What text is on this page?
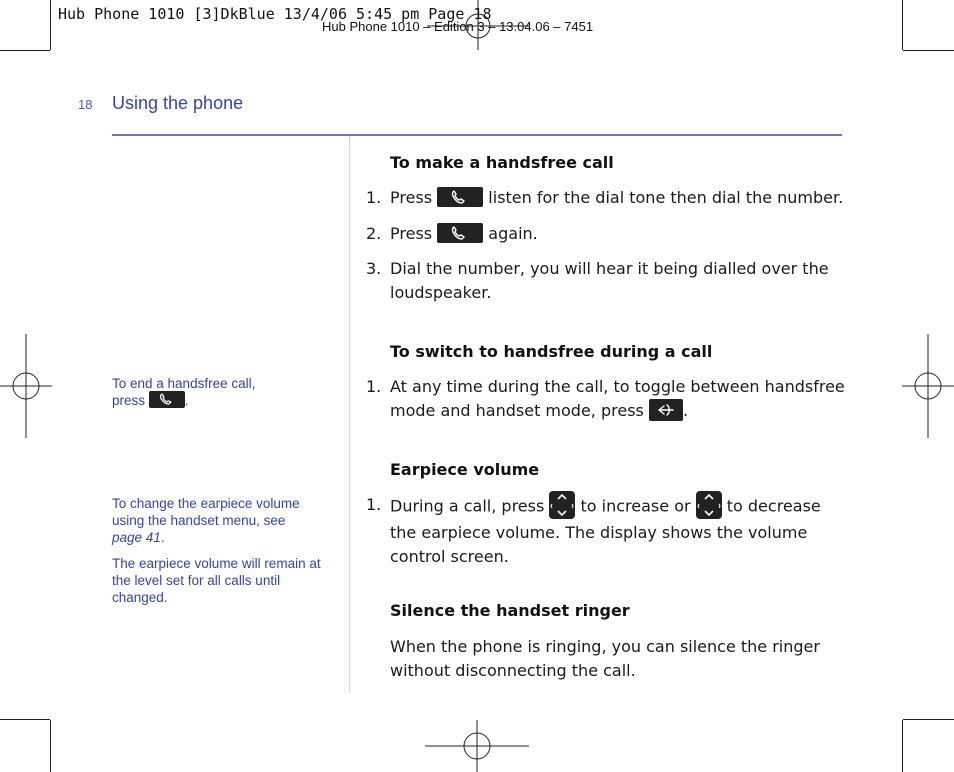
Hub Phone 1010 [3]DkBlue 13/4/06 5:45 pm Page 18
Hub Phone 1010 – Edition 3 – 13.04.06 – 7451
18 Using the phone
To make a handsfree call
1. Press	listen for the dial tone then dial the number.
2. Press	again.
3. Dial the number, you will hear it being dialled over the
loudspeaker.
To switch to handsfree during a call
1. At any time during the call, to toggle between handsfree
mode and handset mode, press .
Earpiece volume
1. During a call, press to increase or to decrease
the earpiece volume. The display shows the volume
control screen.
Silence the handset ringer
When the phone is ringing, you can silence the ringer
without disconnecting the call.
To end a handsfree call,
press	.
To change the earpiece volume
using the handset menu, see
page 41.
The earpiece volume will remain at
the level set for all calls until
changed.
